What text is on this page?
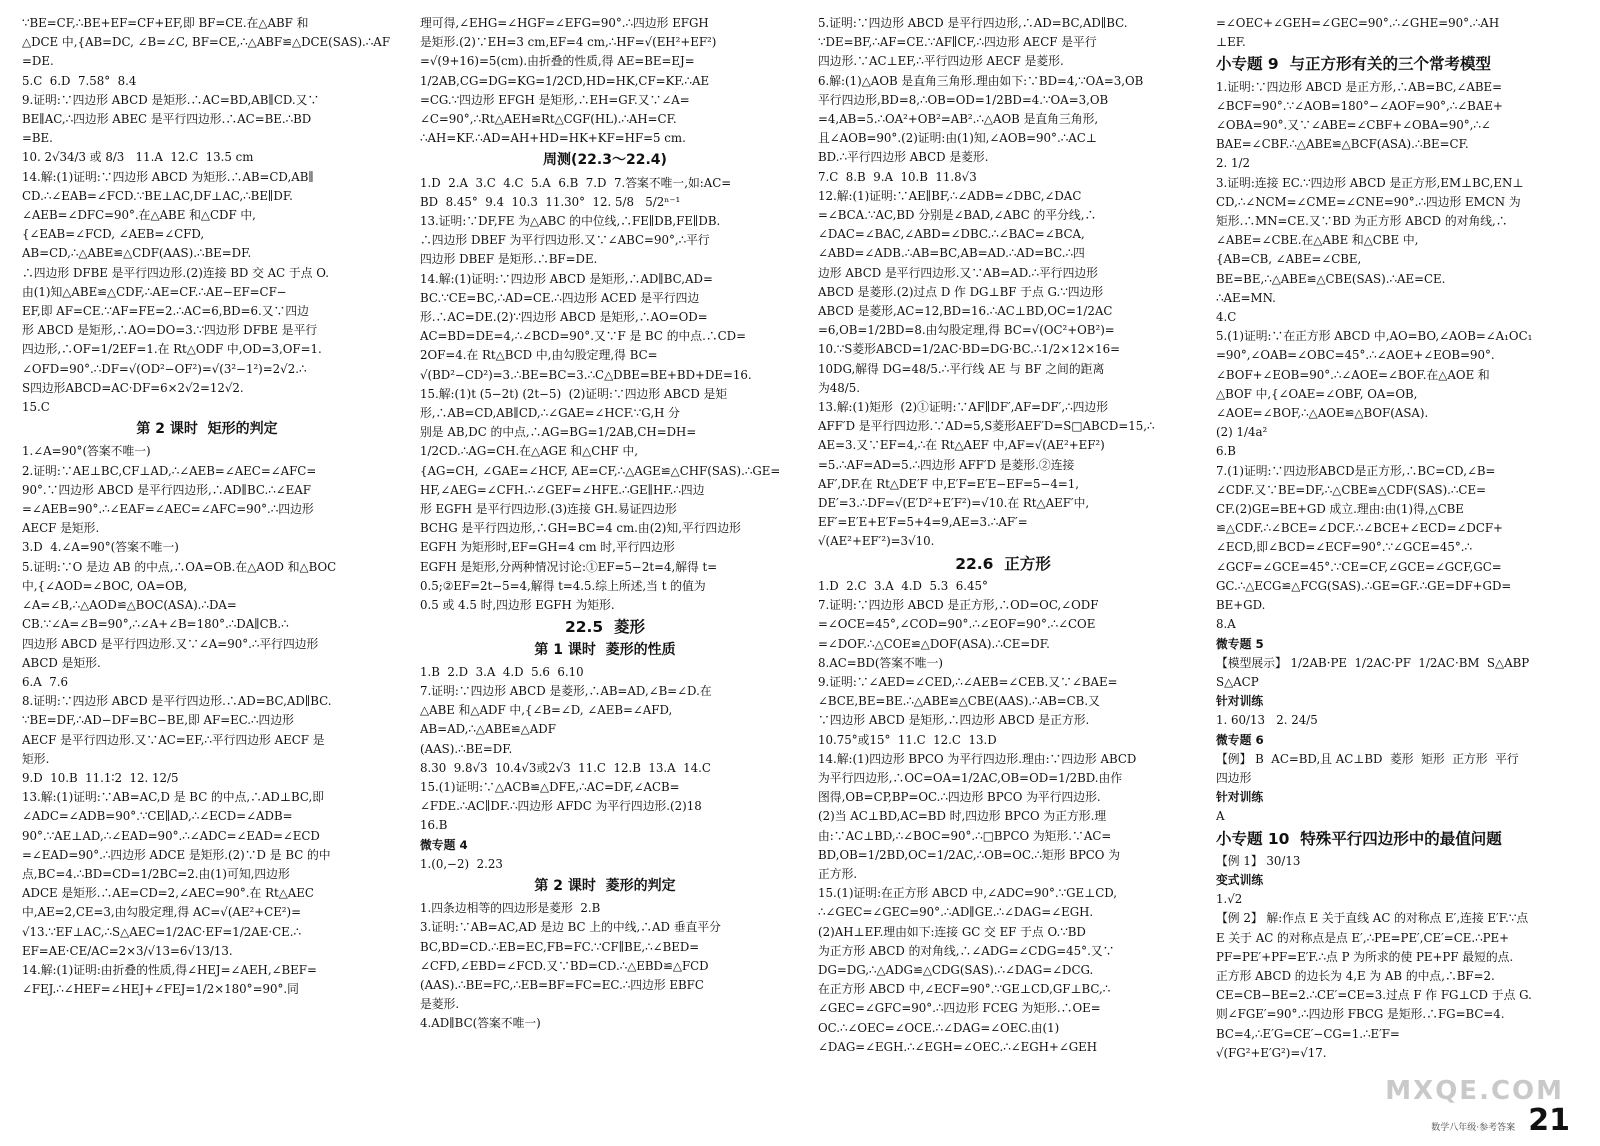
∵BE=CF,∴BE+EF=CF+EF,即 BF=CE.在△ABF 和
△DCE 中,{AB=DC, ∠B=∠C, BF=CE,∴△ABF≌△DCE(SAS).∴AF
=DE.
5.C  6.D  7.58°  8.4
9.证明:∵四边形 ABCD 是矩形.∴AC=BD,AB∥CD.又∵
BE∥AC,∴四边形 ABEC 是平行四边形.∴AC=BE.∴BD
=BE.
10. 2√34/3 或 8/3   11.A  12.C  13.5 cm
14.解:(1)证明:∵四边形 ABCD 为矩形.∴AB=CD,AB∥
CD.∴∠EAB=∠FCD.∵BE⊥AC,DF⊥AC,∴BE∥DF.
∠AEB=∠DFC=90°.在△ABE 和△CDF 中,
{∠EAB=∠FCD, ∠AEB=∠CFD, AB=CD,∴△ABE≌△CDF(AAS).∴BE=DF.
∴四边形 DFBE 是平行四边形.(2)连接 BD 交 AC 于点 O.
由(1)知△ABE≌△CDF,∴AE=CF.∴AE−EF=CF−
EF,即 AF=CE.∵AF=FE=2.∴AC=6,BD=6.又∵四边
形 ABCD 是矩形,∴AO=DO=3.∵四边形 DFBE 是平行
四边形,∴OF=1/2EF=1.在 Rt△ODF 中,OD=3,OF=1.
∠OFD=90°.∴DF=√(OD²−OF²)=√(3²−1²)=2√2.∴
S四边形ABCD=AC·DF=6×2√2=12√2.
15.C
第 2 课时  矩形的判定
1.∠A=90°(答案不唯一)
2.证明:∵AE⊥BC,CF⊥AD,∴∠AEB=∠AEC=∠AFC=
90°.∵四边形 ABCD 是平行四边形,∴AD∥BC.∴∠EAF
=∠AEB=90°.∴∠EAF=∠AEC=∠AFC=90°.∴四边形
AECF 是矩形.
3.D  4.∠A=90°(答案不唯一)
5.证明:∵O 是边 AB 的中点,∴OA=OB.在△AOD 和△BOC
中,{∠AOD=∠BOC, OA=OB, ∠A=∠B,∴△AOD≌△BOC(ASA).∴DA=
CB.∵∠A=∠B=90°,∴∠A+∠B=180°.∴DA∥CB.∴
四边形 ABCD 是平行四边形.又∵∠A=90°.∴平行四边形
ABCD 是矩形.
6.A  7.6
8.证明:∵四边形 ABCD 是平行四边形.∴AD=BC,AD∥BC.
∵BE=DF,∴AD−DF=BC−BE,即 AF=EC.∴四边形
AECF 是平行四边形.又∵AC=EF,∴平行四边形 AECF 是
矩形.
9.D  10.B  11.1∶2  12. 12/5
13.解:(1)证明:∵AB=AC,D 是 BC 的中点,∴AD⊥BC,即
∠ADC=∠ADB=90°.∵CE∥AD,∴∠ECD=∠ADB=
90°.∵AE⊥AD,∴∠EAD=90°.∴∠ADC=∠EAD=∠ECD
=∠EAD=90°.∴四边形 ADCE 是矩形.(2)∵D 是 BC 的中
点,BC=4.∴BD=CD=1/2BC=2.由(1)可知,四边形
ADCE 是矩形.∴AE=CD=2,∠AEC=90°.在 Rt△AEC
中,AE=2,CE=3,由勾股定理,得 AC=√(AE²+CE²)=
√13.∵EF⊥AC,∴S△AEC=1/2AC·EF=1/2AE·CE.∴
EF=AE·CE/AC=2×3/√13=6√13/13.
14.解:(1)证明:由折叠的性质,得∠HEJ=∠AEH,∠BEF=
∠FEJ.∴∠HEF=∠HEJ+∠FEJ=1/2×180°=90°.同
理可得,∠EHG=∠HGF=∠EFG=90°.∴四边形 EFGH
是矩形.(2)∵EH=3 cm,EF=4 cm,∴HF=√(EH²+EF²)
=√(9+16)=5(cm).由折叠的性质,得 AE=BE=EJ=
1/2AB,CG=DG=KG=1/2CD,HD=HK,CF=KF.∴AE
=CG.∵四边形 EFGH 是矩形,∴EH=GF.又∵∠A=
∠C=90°,∴Rt△AEH≌Rt△CGF(HL).∴AH=CF.
∴AH=KF.∴AD=AH+HD=HK+KF=HF=5 cm.
周测(22.3～22.4)
1.D  2.A  3.C  4.C  5.A  6.B  7.D  7.答案不唯一,如:AC=
BD  8.45°  9.4  10.3  11.30°  12. 5/8   5/2ⁿ⁻¹
13.证明:∵DF,FE 为△ABC 的中位线,∴FE∥DB,FE∥DB.
∴四边形 DBEF 为平行四边形.又∵∠ABC=90°,∴平行
四边形 DBEF 是矩形.∴BF=DE.
14.解:(1)证明:∵四边形 ABCD 是矩形,∴AD∥BC,AD=
BC.∵CE=BC,∴AD=CE.∴四边形 ACED 是平行四边
形.∴AC=DE.(2)∵四边形 ABCD 是矩形,∴AO=OD=
AC=BD=DE=4,∴∠BCD=90°.又∵F 是 BC 的中点.∴CD=
2OF=4.在 Rt△BCD 中,由勾股定理,得 BC=
√(BD²−CD²)=3.∴BE=BC=3.∴C△DBE=BE+BD+DE=16.
15.解:(1)t (5−2t) (2t−5)  (2)证明:∵四边形 ABCD 是矩
形,∴AB=CD,AB∥CD,∴∠GAE=∠HCF.∵G,H 分
别是 AB,DC 的中点,∴AG=BG=1/2AB,CH=DH=
1/2CD.∴AG=CH.在△AGE 和△CHF 中,
{AG=CH, ∠GAE=∠HCF, AE=CF,∴△AGE≌△CHF(SAS).∴GE=
HF,∠AEG=∠CFH.∴∠GEF=∠HFE.∴GE∥HF.∴四边
形 EGFH 是平行四边形.(3)连接 GH.易证四边形
BCHG 是平行四边形,∴GH=BC=4 cm.由(2)知,平行四边形
EGFH 为矩形时,EF=GH=4 cm 时,平行四边形
EGFH 是矩形,分两种情况讨论:①EF=5−2t=4,解得 t=
0.5;②EF=2t−5=4,解得 t=4.5.综上所述,当 t 的值为
0.5 或 4.5 时,四边形 EGFH 为矩形.
22.5  菱形
第 1 课时  菱形的性质
1.B  2.D  3.A  4.D  5.6  6.10
7.证明:∵四边形 ABCD 是菱形,∴AB=AD,∠B=∠D.在
△ABE 和△ADF 中,{∠B=∠D, ∠AEB=∠AFD, AB=AD,∴△ABE≌△ADF
(AAS).∴BE=DF.
8.30  9.8√3  10.4√3或2√3  11.C  12.B  13.A  14.C
15.(1)证明:∵△ACB≌△DFE,∴AC=DF,∠ACB=
∠FDE.∴AC∥DF.∴四边形 AFDC 为平行四边形.(2)18
16.B
微专题 4
1.(0,−2)  2.23
第 2 课时  菱形的判定
1.四条边相等的四边形是菱形  2.B
3.证明:∵AB=AC,AD 是边 BC 上的中线,∴AD 垂直平分
BC,BD=CD.∴EB=EC,FB=FC.∵CF∥BE,∴∠BED=
∠CFD,∠EBD=∠FCD.又∵BD=CD.∴△EBD≌△FCD
(AAS).∴BE=FC,∴EB=BF=FC=EC.∴四边形 EBFC
是菱形.
4.AD∥BC(答案不唯一)
5.证明:∵四边形 ABCD 是平行四边形,∴AD=BC,AD∥BC.
∵DE=BF,∴AF=CE.∵AF∥CF,∴四边形 AECF 是平行
四边形.∵AC⊥EF,∴平行四边形 AECF 是菱形.
6.解:(1)△AOB 是直角三角形.理由如下:∵BD=4,∵OA=3,OB
平行四边形,BD=8,∴OB=OD=1/2BD=4.∵OA=3,OB
=4,AB=5.∴OA²+OB²=AB².∴△AOB 是直角三角形,
且∠AOB=90°.(2)证明:由(1)知,∠AOB=90°.∴AC⊥
BD.∴平行四边形 ABCD 是菱形.
7.C  8.B  9.A  10.B  11.8√3
12.解:(1)证明:∵AE∥BF,∴∠ADB=∠DBC,∠DAC
=∠BCA.∵AC,BD 分别是∠BAD,∠ABC 的平分线,∴
∠DAC=∠BAC,∠ABD=∠DBC.∴∠BAC=∠BCA,
∠ABD=∠ADB.∴AB=BC,AB=AD.∴AD=BC.∴四
边形 ABCD 是平行四边形.又∵AB=AD.∴平行四边形
ABCD 是菱形.(2)过点 D 作 DG⊥BF 于点 G.∵四边形
ABCD 是菱形,AC=12,BD=16.∴AC⊥BD,OC=1/2AC
=6,OB=1/2BD=8.由勾股定理,得 BC=√(OC²+OB²)=
10.∵S菱形ABCD=1/2AC·BD=DG·BC.∴1/2×12×16=
10DG,解得 DG=48/5.∴平行线 AE 与 BF 之间的距离
为48/5.
13.解:(1)矩形  (2)①证明:∵AF∥DF′,AF=DF′,∴四边形
AFF′D 是平行四边形.∵AD=5,S菱形AEF′D=S□ABCD=15,∴
AE=3.又∵EF=4,∴在 Rt△AEF 中,AF=√(AE²+EF²)
=5.∴AF=AD=5.∴四边形 AFF′D 是菱形.②连接
AF′,DF.在 Rt△DE′F 中,E′F=E′E−EF=5−4=1,
DE′=3.∴DF=√(E′D²+E′F²)=√10.在 Rt△AEF′中,
EF′=E′E+E′F=5+4=9,AE=3.∴AF′=
√(AE²+EF′²)=3√10.
22.6  正方形
1.D  2.C  3.A  4.D  5.3  6.45°
7.证明:∵四边形 ABCD 是正方形,∴OD=OC,∠ODF
=∠OCE=45°,∠COD=90°.∴∠EOF=90°.∴∠COE
=∠DOF.∴△COE≌△DOF(ASA).∴CE=DF.
8.AC=BD(答案不唯一)
9.证明:∵∠AED=∠CED,∴∠AEB=∠CEB.又∵∠BAE=
∠BCE,BE=BE.∴△ABE≌△CBE(AAS).∴AB=CB.又
∵四边形 ABCD 是矩形,∴四边形 ABCD 是正方形.
10.75°或15°  11.C  12.C  13.D
14.解:(1)四边形 BPCO 为平行四边形.理由:∵四边形 ABCD
为平行四边形,∴OC=OA=1/2AC,OB=OD=1/2BD.由作
图得,OB=CP,BP=OC.∴四边形 BPCO 为平行四边形.
(2)当 AC⊥BD,AC=BD 时,四边形 BPCO 为正方形.理
由:∵AC⊥BD,∴∠BOC=90°.∴□BPCO 为矩形.∵AC=
BD,OB=1/2BD,OC=1/2AC,∴OB=OC.∴矩形 BPCO 为
正方形.
15.(1)证明:在正方形 ABCD 中,∠ADC=90°.∵GE⊥CD,
∴∠GEC=∠GEC=90°.∴AD∥GE.∴∠DAG=∠EGH.
(2)AH⊥EF.理由如下:连接 GC 交 EF 于点 O.∵BD
为正方形 ABCD 的对角线,∴∠ADG=∠CDG=45°.又∵
DG=DG,∴△ADG≌△CDG(SAS).∴∠DAG=∠DCG.
在正方形 ABCD 中,∠ECF=90°.∵GE⊥CD,GF⊥BC,∴
∠GEC=∠GFC=90°.∴四边形 FCEG 为矩形.∴OE=
OC.∴∠OEC=∠OCE.∴∠DAG=∠OEC.由(1)
∠DAG=∠EGH.∴∠EGH=∠OEC.∴∠EGH+∠GEH
=∠OEC+∠GEH=∠GEC=90°.∴∠GHE=90°.∴AH
⊥EF.
小专题 9  与正方形有关的三个常考模型
1.证明:∵四边形 ABCD 是正方形,∴AB=BC,∠ABE=
∠BCF=90°.∵∠AOB=180°−∠AOF=90°,∴∠BAE+
∠OBA=90°.又∵∠ABE=∠CBF+∠OBA=90°,∴∠
BAE=∠CBF.∴△ABE≌△BCF(ASA).∴BE=CF.
2. 1/2
3.证明:连接 EC.∵四边形 ABCD 是正方形,EM⊥BC,EN⊥
CD,∴∠NCM=∠CME=∠CNE=90°.∴四边形 EMCN 为
矩形.∴MN=CE.又∵BD 为正方形 ABCD 的对角线,∴
∠ABE=∠CBE.在△ABE 和△CBE 中,
{AB=CB, ∠ABE=∠CBE, BE=BE,∴△ABE≌△CBE(SAS).∴AE=CE.
∴AE=MN.
4.C
5.(1)证明:∵在正方形 ABCD 中,AO=BO,∠AOB=∠A₁OC₁
=90°,∠OAB=∠OBC=45°.∴∠AOE+∠EOB=90°.
∠BOF+∠EOB=90°.∴∠AOE=∠BOF.在△AOE 和
△BOF 中,{∠OAE=∠OBF, OA=OB, ∠AOE=∠BOF,∴△AOE≌△BOF(ASA).
(2) 1/4a²
6.B
7.(1)证明:∵四边形ABCD是正方形,∴BC=CD,∠B=
∠CDF.又∵BE=DF,∴△CBE≌△CDF(SAS).∴CE=
CF.(2)GE=BE+GD 成立.理由:由(1)得,△CBE
≌△CDF.∴∠BCE=∠DCF.∴∠BCE+∠ECD=∠DCF+
∠ECD,即∠BCD=∠ECF=90°.∵∠GCE=45°.∴
∠GCF=∠GCE=45°.∵CE=CF,∠GCE=∠GCF,GC=
GC.∴△ECG≌△FCG(SAS).∴GE=GF.∴GE=DF+GD=
BE+GD.
8.A
微专题 5
【模型展示】 1/2AB·PE  1/2AC·PF  1/2AC·BM  S△ABP
S△ACP
针对训练
1. 60/13   2. 24/5
微专题 6
【例】 B  AC=BD,且 AC⊥BD  菱形  矩形  正方形  平行
四边形
针对训练
A
小专题 10  特殊平行四边形中的最值问题
【例 1】 30/13
变式训练
1.√2
【例 2】 解:作点 E 关于直线 AC 的对称点 E′,连接 E′F.∵点
E 关于 AC 的对称点是点 E′,∴PE=PE′,CE′=CE.∴PE+
PF=PE′+PF=E′F.∴点 P 为所求的使 PE+PF 最短的点.
正方形 ABCD 的边长为 4,E 为 AB 的中点,∴BF=2.
CE=CB−BE=2.∴CE′=CE=3.过点 F 作 FG⊥CD 于点 G.
则∠FGE′=90°.∴四边形 FBCG 是矩形.∴FG=BC=4.
BC=4,∴E′G=CE′−CG=1.∴E′F=
√(FG²+E′G²)=√17.
MXQE.COM
数学八年级·参考答案 21
